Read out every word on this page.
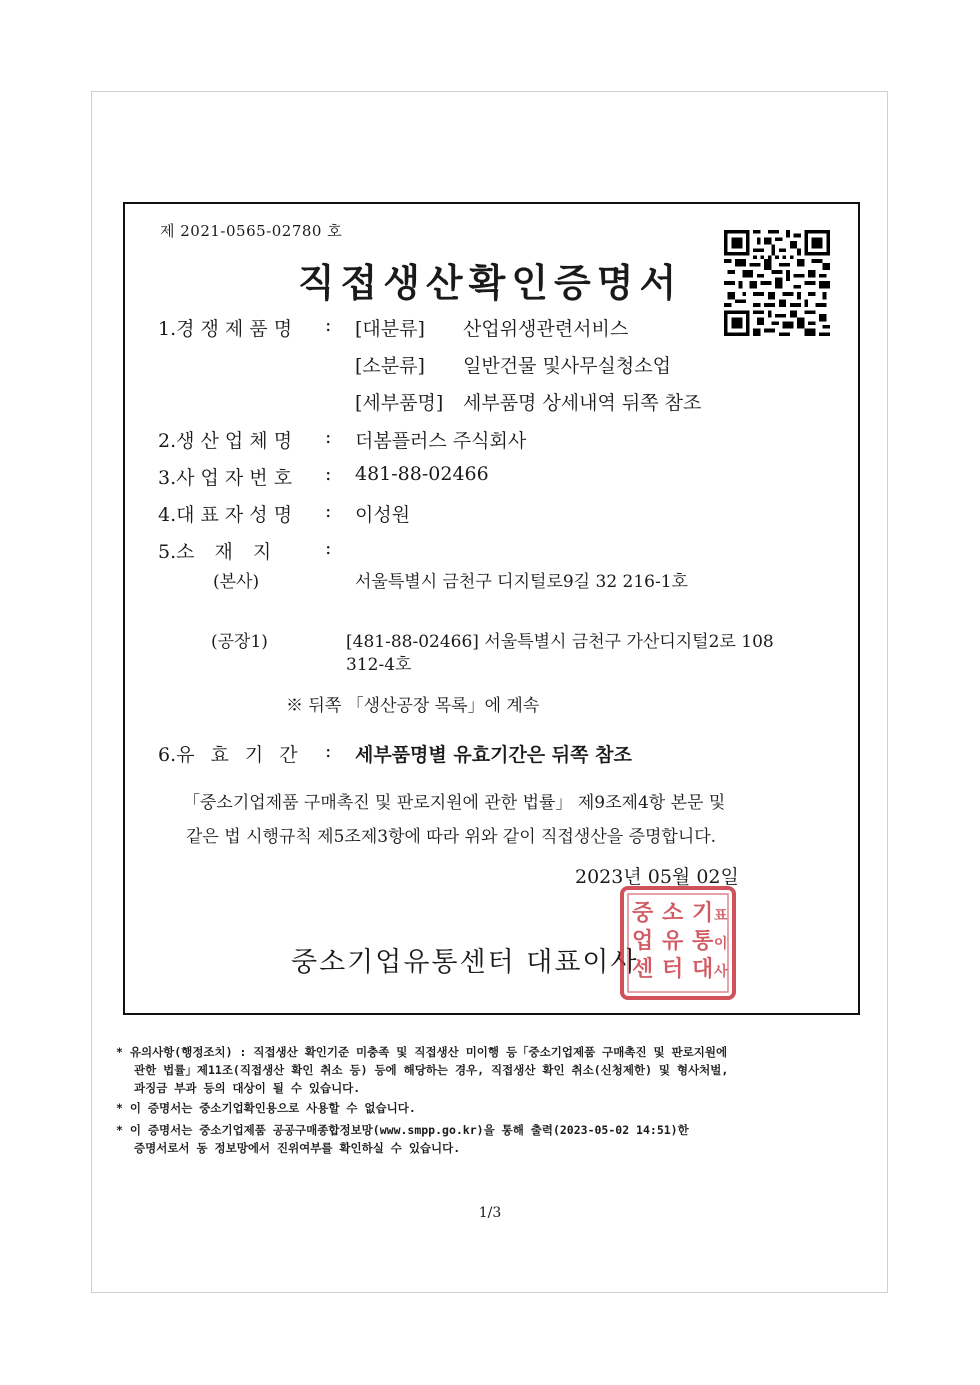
제 2021-0565-02780 호
직접생산확인증명서
1.경 쟁 제 품 명 : [대분류] 산업위생관련서비스
[소분류] 일반건물 및사무실청소업
[세부품명] 세부품명 상세내역 뒤쪽 참조
2.생 산 업 체 명 : 더봄플러스 주식회사
3.사 업 자 번 호 : 481-88-02466
4.대 표 자 성 명 : 이성원
5.소 재 지	:
(본사)	서울특별시 금천구 디지털로9길 32 216-1호
(공장1)	[481-88-02466] 서울특별시 금천구 가산디지털2로 108
312-4호
※ 뒤쪽 「생산공장 목록」에 계속
6.유 효 기 간 : 세부품명별 유효기간은 뒤쪽 참조
「중소기업제품 구매촉진 및 판로지원에 관한 법률」 제9조제4항 본문 및
같은 법 시행규칙 제5조제3항에 따라 위와 같이 직접생산을 증명합니다.
2023년 05월 02일
중소기업유통센터 대표이사
중 소 기
업 유 통
센 터 대
표
이
사
* 유의사항(행정조치) : 직접생산 확인기준 미충족 및 직접생산 미이행 등「중소기업제품 구매촉진 및 판로지원에
관한 법률」제11조(직접생산 확인 취소 등) 등에 해당하는 경우, 직접생산 확인 취소(신청제한) 및 형사처벌,
과징금 부과 등의 대상이 될 수 있습니다.
* 이 증명서는 중소기업확인용으로 사용할 수 없습니다.
* 이 증명서는 중소기업제품 공공구매종합정보망(www.smpp.go.kr)을 통해 출력(2023-05-02 14:51)한
증명서로서 동 정보망에서 진위여부를 확인하실 수 있습니다.
1/3
